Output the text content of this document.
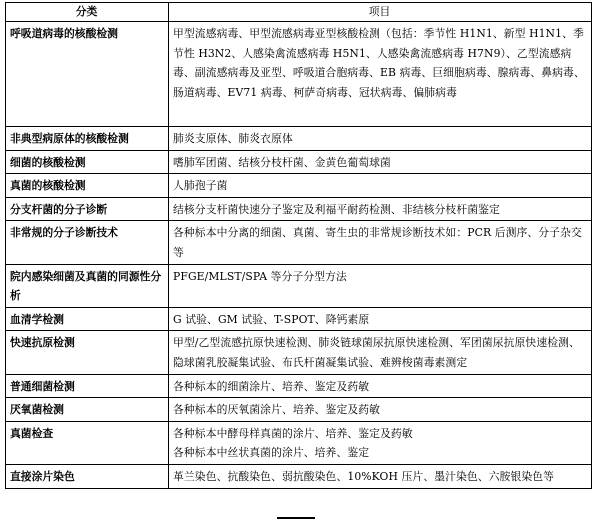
分类	项目
呼吸道病毒的核酸检测	甲型流感病毒、甲型流感病毒亚型核酸检测（包括：季节性 H1N1、新型 H1N1、季节性 H3N2、人感染禽流感病毒 H5N1、人感染禽流感病毒 H7N9）、乙型流感病毒、副流感病毒及亚型、呼吸道合胞病毒、EB 病毒、巨细胞病毒、腺病毒、鼻病毒、肠道病毒、EV71 病毒、柯萨奇病毒、冠状病毒、偏肺病毒

非典型病原体的核酸检测	肺炎支原体、肺炎衣原体

细菌的核酸检测	嗜肺军团菌、结核分枝杆菌、金黄色葡萄球菌

真菌的核酸检测	人肺孢子菌

分支杆菌的分子诊断	结核分支杆菌快速分子鉴定及利福平耐药检测、非结核分枝杆菌鉴定

非常规的分子诊断技术	各种标本中分离的细菌、真菌、寄生虫的非常规诊断技术如：PCR 后测序、分子杂交等

院内感染细菌及真菌的同源性分析	PFGE/MLST/SPA 等分子分型方法

血清学检测	G 试验、GM 试验、T-SPOT、降钙素原

快速抗原检测	甲型/乙型流感抗原快速检测、肺炎链球菌尿抗原快速检测、军团菌尿抗原快速检测、隐球菌乳胶凝集试验、布氏杆菌凝集试验、难辨梭菌毒素测定

普通细菌检测	各种标本的细菌涂片、培养、鉴定及药敏

厌氧菌检测	各种标本的厌氧菌涂片、培养、鉴定及药敏

真菌检查	各种标本中酵母样真菌的涂片、培养、鉴定及药敏
各种标本中丝状真菌的涂片、培养、鉴定

直接涂片染色	革兰染色、抗酸染色、弱抗酸染色、10%KOH 压片、墨汁染色、六胺银染色等
